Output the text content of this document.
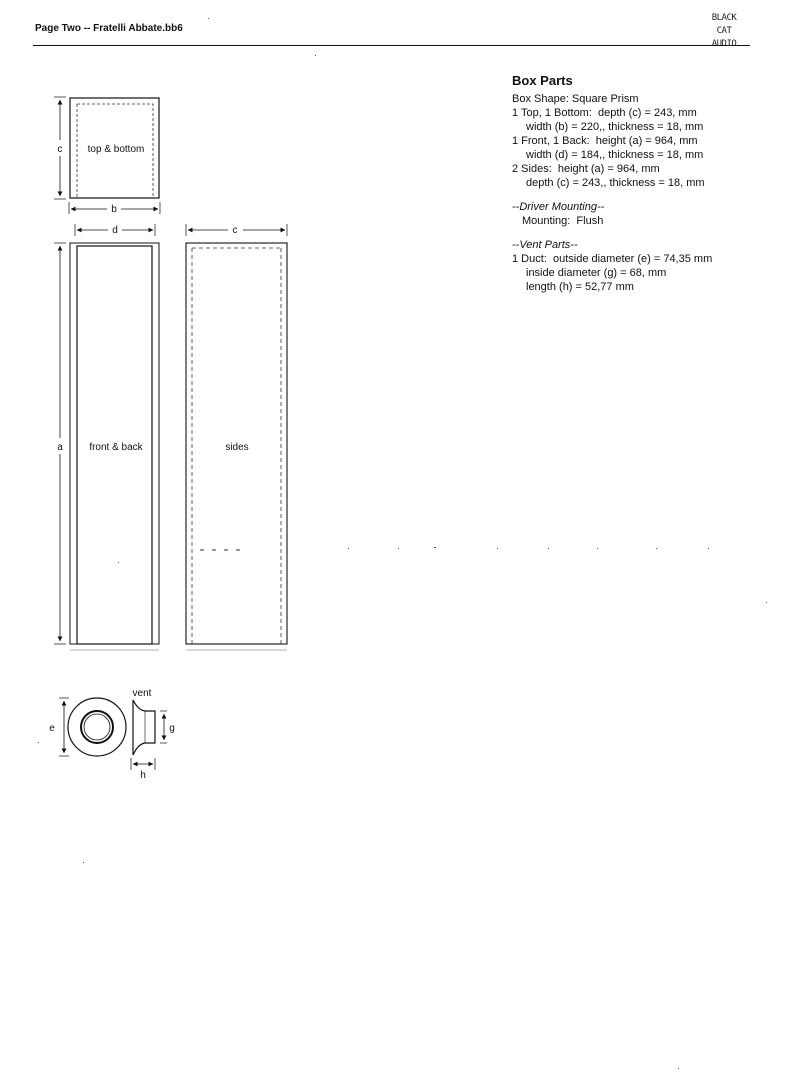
Page Two -- Fratelli Abbate.bb6
BLACK CAT
AUDIO
Box Parts
Box Shape: Square Prism
1 Top, 1 Bottom:  depth (c) = 243, mm
width (b) = 220,, thickness = 18, mm
1 Front, 1 Back:  height (a) = 964, mm
width (d) = 184,, thickness = 18, mm
2 Sides:  height (a) = 964, mm
depth (c) = 243,, thickness = 18, mm
--Driver Mounting--
Mounting:  Flush
--Vent Parts--
1 Duct:  outside diameter (e) = 74,35 mm
inside diameter (g) = 68, mm
length (h) = 52,77 mm
top & bottom
c
b
d
front & back
a
c
sides
e
vent
g
h
